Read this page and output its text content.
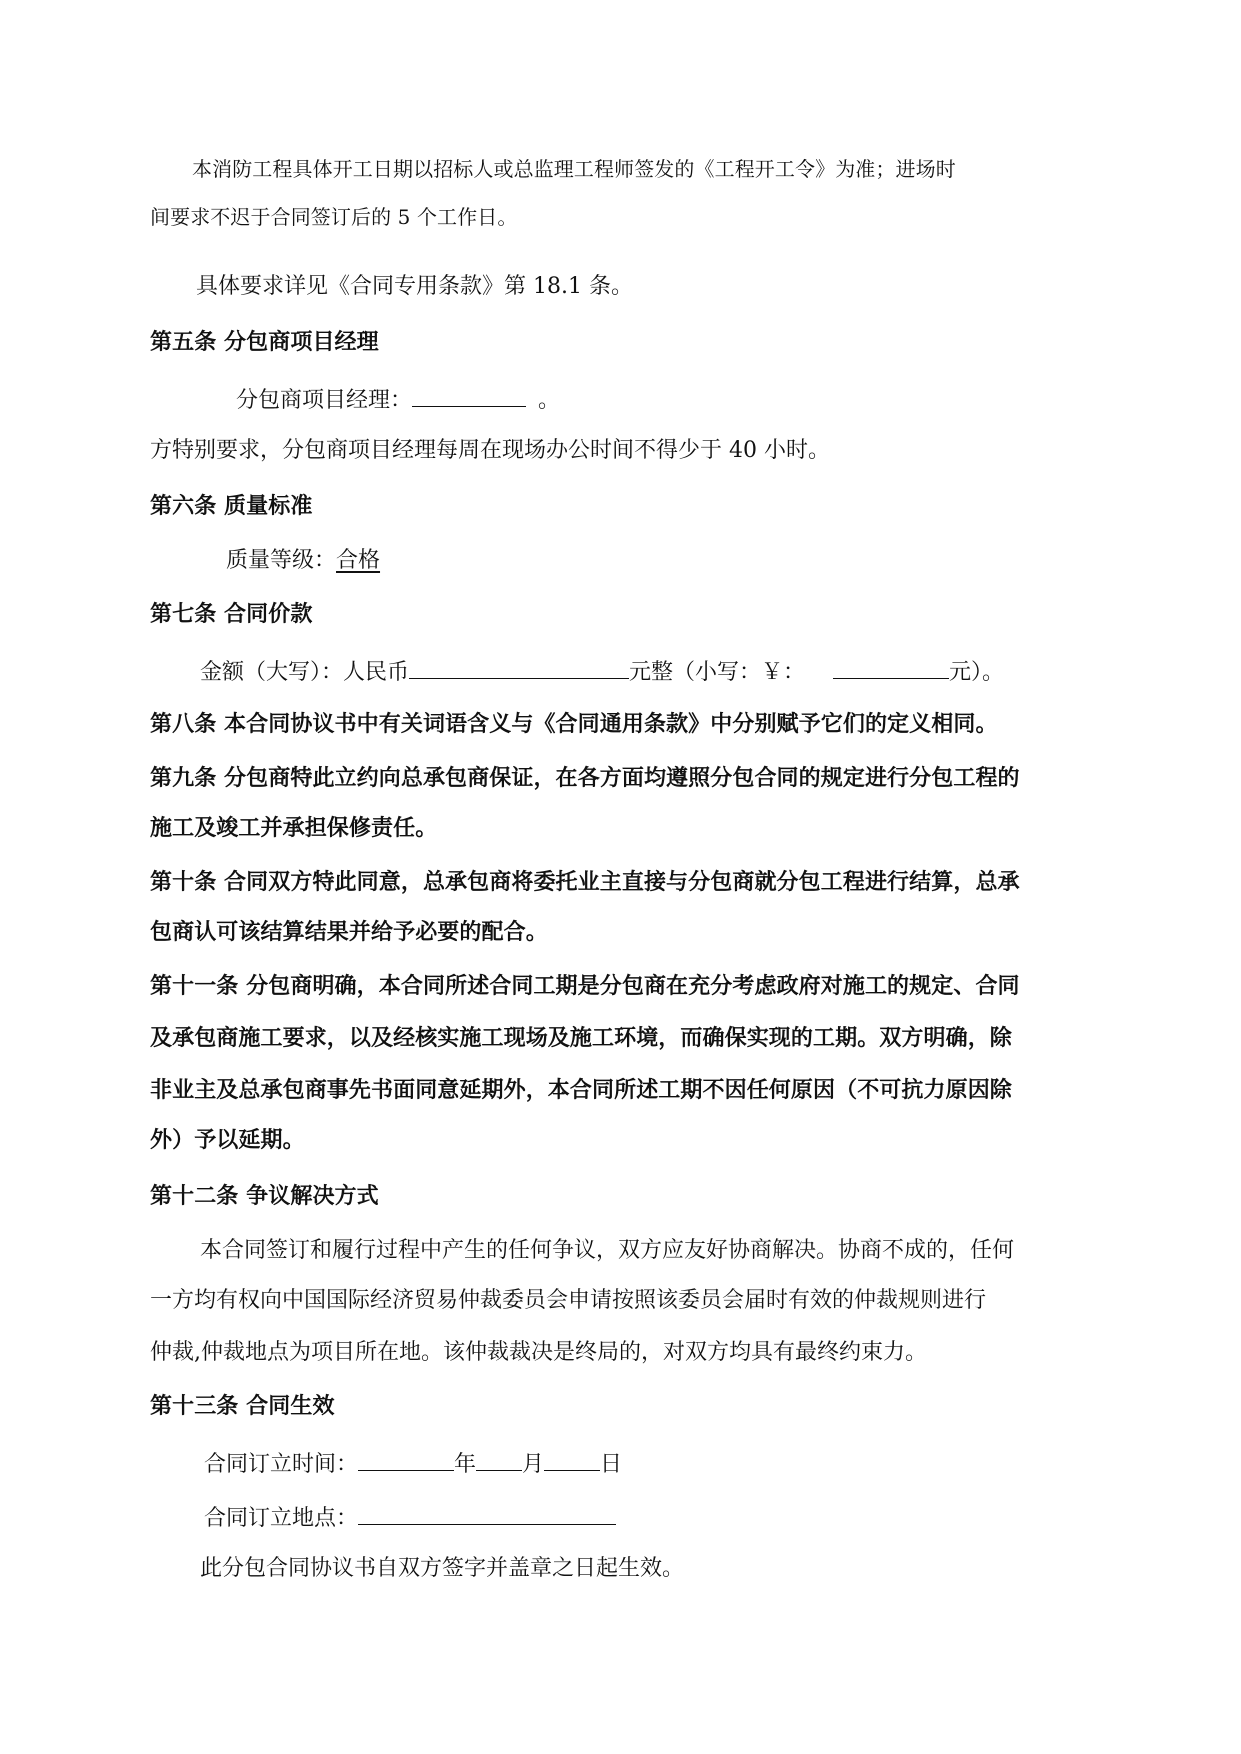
本消防工程具体开工日期以招标人或总监理工程师签发的《工程开工令》为准；进场时
间要求不迟于合同签订后的 5 个工作日。
具体要求详见《合同专用条款》第 18.1 条。
第五条 分包商项目经理
分包商项目经理：	。
方特别要求，分包商项目经理每周在现场办公时间不得少于 40 小时。
第六条 质量标准
质量等级：合格
第七条 合同价款
金额（大写）：人民币	元整（小写：￥：	元）。
第八条 本合同协议书中有关词语含义与《合同通用条款》中分别赋予它们的定义相同。
第九条 分包商特此立约向总承包商保证，在各方面均遵照分包合同的规定进行分包工程的
施工及竣工并承担保修责任。
第十条 合同双方特此同意，总承包商将委托业主直接与分包商就分包工程进行结算，总承
包商认可该结算结果并给予必要的配合。
第十一条 分包商明确，本合同所述合同工期是分包商在充分考虑政府对施工的规定、合同
及承包商施工要求，以及经核实施工现场及施工环境，而确保实现的工期。双方明确，除
非业主及总承包商事先书面同意延期外，本合同所述工期不因任何原因（不可抗力原因除
外）予以延期。
第十二条 争议解决方式
本合同签订和履行过程中产生的任何争议，双方应友好协商解决。协商不成的，任何
一方均有权向中国国际经济贸易仲裁委员会申请按照该委员会届时有效的仲裁规则进行
仲裁,仲裁地点为项目所在地。该仲裁裁决是终局的，对双方均具有最终约束力。
第十三条 合同生效
合同订立时间：	年 月	日
合同订立地点：
此分包合同协议书自双方签字并盖章之日起生效。
